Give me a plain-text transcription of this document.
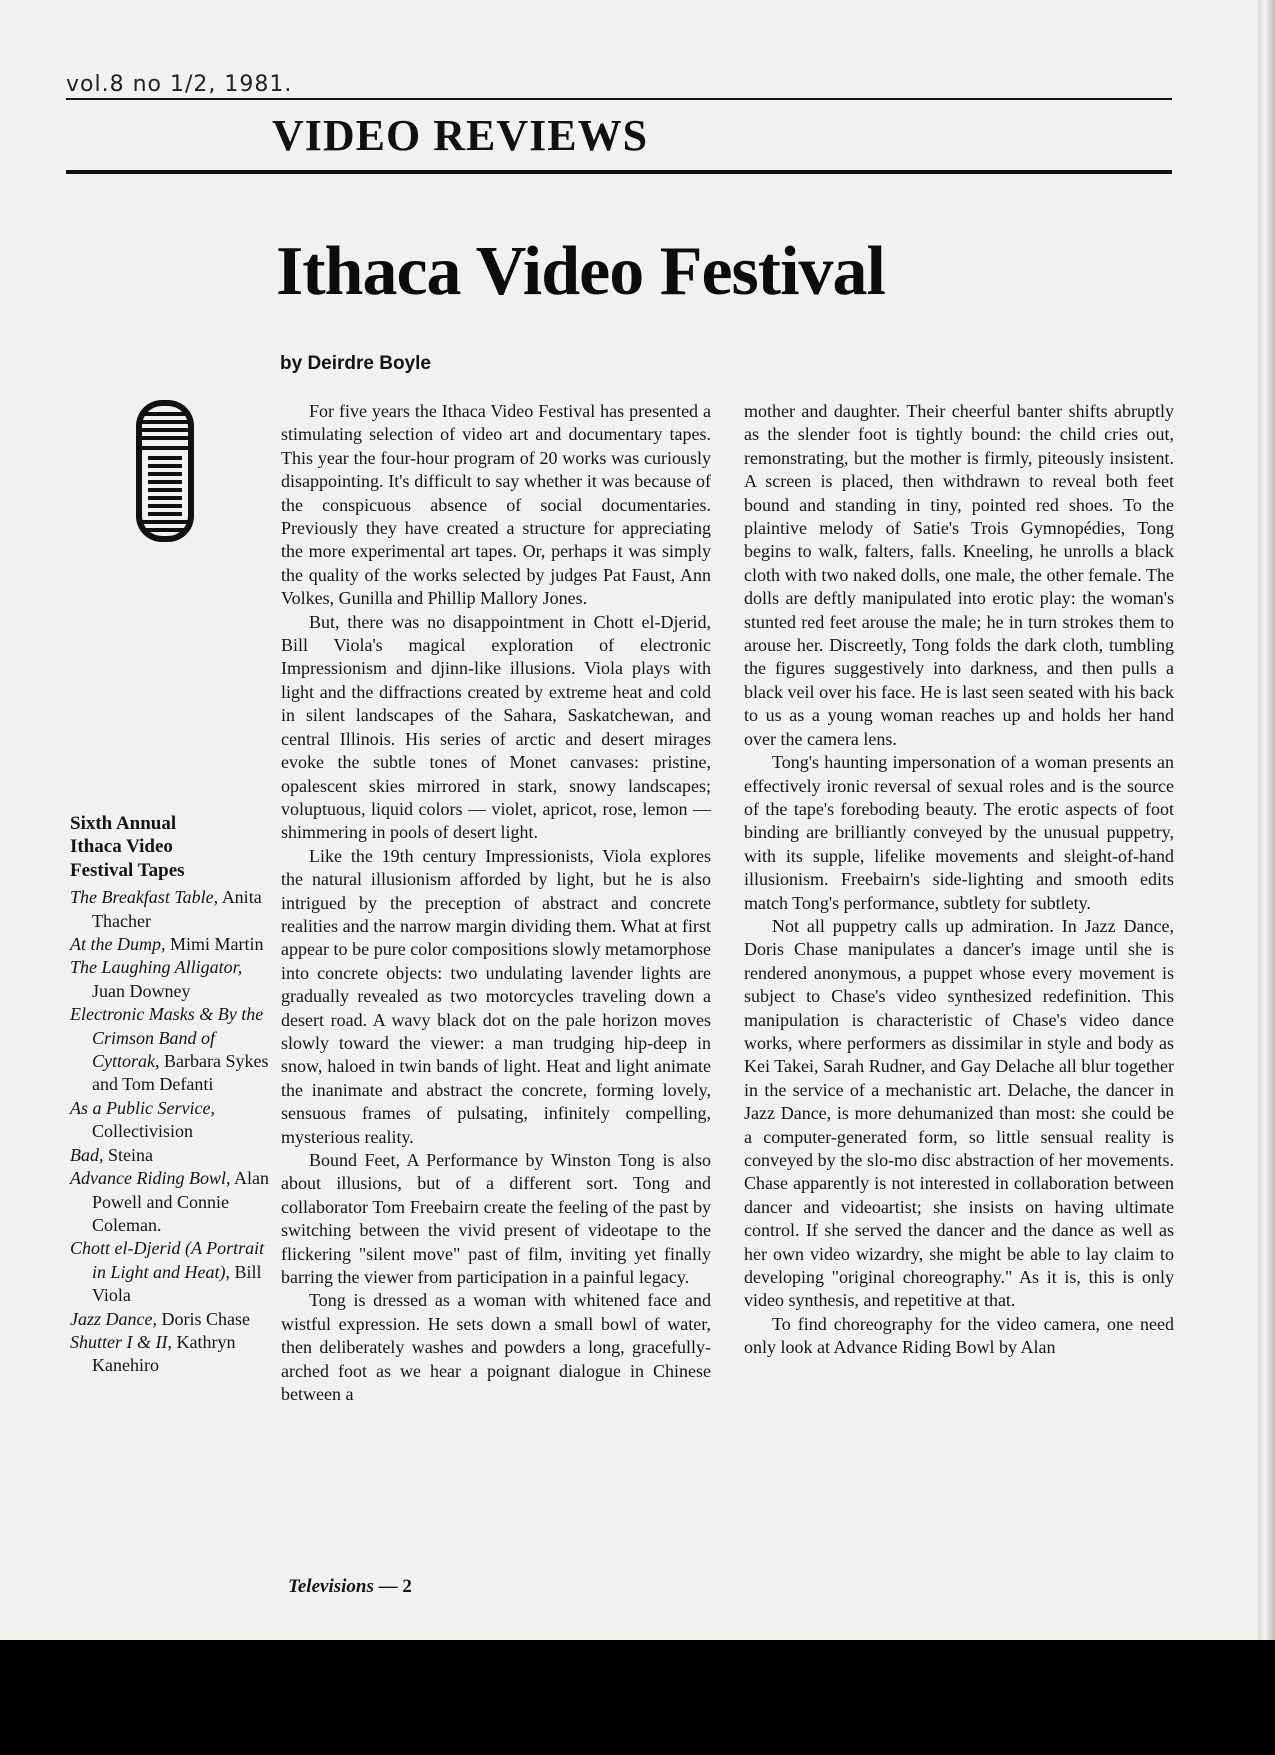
vol.8 no 1/2, 1981.
VIDEO REVIEWS
Ithaca Video Festival
by Deirdre Boyle
Sixth Annual Ithaca Video Festival Tapes
The Breakfast Table, Anita Thacher
At the Dump, Mimi Martin
The Laughing Alligator, Juan Downey
Electronic Masks & By the Crimson Band of Cyttorak, Barbara Sykes and Tom Defanti
As a Public Service, Collectivision
Bad, Steina
Advance Riding Bowl, Alan Powell and Connie Coleman.
Chott el-Djerid (A Portrait in Light and Heat), Bill Viola
Jazz Dance, Doris Chase
Shutter I & II, Kathryn Kanehiro

For five years the Ithaca Video Festival has presented a stimulating selection of video art and documentary tapes. This year the four-hour program of 20 works was curiously disappointing. It's difficult to say whether it was because of the conspicuous absence of social documentaries. Previously they have created a structure for appreciating the more experimental art tapes. Or, perhaps it was simply the quality of the works selected by judges Pat Faust, Ann Volkes, Gunilla and Phillip Mallory Jones.

But, there was no disappointment in Chott el-Djerid, Bill Viola's magical exploration of electronic Impressionism and djinn-like illusions. Viola plays with light and the diffractions created by extreme heat and cold in silent landscapes of the Sahara, Saskatchewan, and central Illinois. His series of arctic and desert mirages evoke the subtle tones of Monet canvases: pristine, opalescent skies mirrored in stark, snowy landscapes; voluptuous, liquid colors — violet, apricot, rose, lemon — shimmering in pools of desert light.

Like the 19th century Impressionists, Viola explores the natural illusionism afforded by light, but he is also intrigued by the preception of abstract and concrete realities and the narrow margin dividing them. What at first appear to be pure color compositions slowly metamorphose into concrete objects: two undulating lavender lights are gradually revealed as two motorcycles traveling down a desert road. A wavy black dot on the pale horizon moves slowly toward the viewer: a man trudging hip-deep in snow, haloed in twin bands of light. Heat and light animate the inanimate and abstract the concrete, forming lovely, sensuous frames of pulsating, infinitely compelling, mysterious reality.

Bound Feet, A Performance by Winston Tong is also about illusions, but of a different sort. Tong and collaborator Tom Freebairn create the feeling of the past by switching between the vivid present of videotape to the flickering "silent move" past of film, inviting yet finally barring the viewer from participation in a painful legacy.

Tong is dressed as a woman with whitened face and wistful expression. He sets down a small bowl of water, then deliberately washes and powders a long, gracefully-arched foot as we hear a poignant dialogue in Chinese between a

mother and daughter. Their cheerful banter shifts abruptly as the slender foot is tightly bound: the child cries out, remonstrating, but the mother is firmly, piteously insistent. A screen is placed, then withdrawn to reveal both feet bound and standing in tiny, pointed red shoes. To the plaintive melody of Satie's Trois Gymnopédies, Tong begins to walk, falters, falls. Kneeling, he unrolls a black cloth with two naked dolls, one male, the other female. The dolls are deftly manipulated into erotic play: the woman's stunted red feet arouse the male; he in turn strokes them to arouse her. Discreetly, Tong folds the dark cloth, tumbling the figures suggestively into darkness, and then pulls a black veil over his face. He is last seen seated with his back to us as a young woman reaches up and holds her hand over the camera lens.

Tong's haunting impersonation of a woman presents an effectively ironic reversal of sexual roles and is the source of the tape's foreboding beauty. The erotic aspects of foot binding are brilliantly conveyed by the unusual puppetry, with its supple, lifelike movements and sleight-of-hand illusionism. Freebairn's side-lighting and smooth edits match Tong's performance, subtlety for subtlety.

Not all puppetry calls up admiration. In Jazz Dance, Doris Chase manipulates a dancer's image until she is rendered anonymous, a puppet whose every movement is subject to Chase's video synthesized redefinition. This manipulation is characteristic of Chase's video dance works, where performers as dissimilar in style and body as Kei Takei, Sarah Rudner, and Gay Delache all blur together in the service of a mechanistic art. Delache, the dancer in Jazz Dance, is more dehumanized than most: she could be a computer-generated form, so little sensual reality is conveyed by the slo-mo disc abstraction of her movements. Chase apparently is not interested in collaboration between dancer and videoartist; she insists on having ultimate control. If she served the dancer and the dance as well as her own video wizardry, she might be able to lay claim to developing "original choreography." As it is, this is only video synthesis, and repetitive at that.

To find choreography for the video camera, one need only look at Advance Riding Bowl by Alan

Televisions — 2
